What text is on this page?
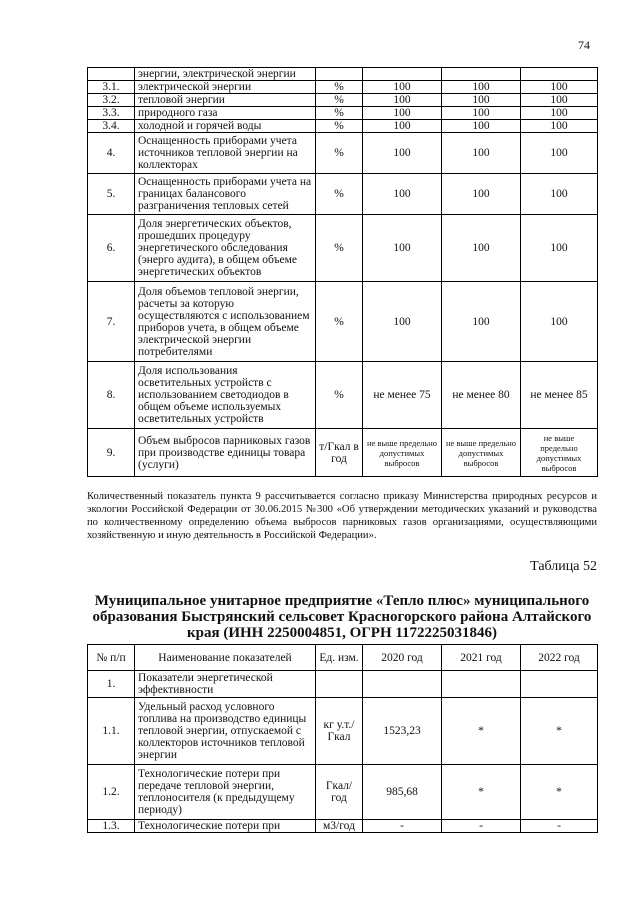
74
	энергии, электрической энергии				
3.1.	электрической энергии	%	100	100	100
3.2.	тепловой энергии	%	100	100	100
3.3.	природного газа	%	100	100	100
3.4.	холодной и горячей воды	%	100	100	100
4.	Оснащенность приборами учета источников тепловой энергии на коллекторах	%	100	100	100
5.	Оснащенность приборами учета на границах балансового разграничения тепловых сетей	%	100	100	100
6.	Доля энергетических объектов, прошедших процедуру энергетического обследования (энерго аудита), в общем объеме энергетических объектов	%	100	100	100
7.	Доля объемов тепловой энергии, расчеты за которую осуществляются с использованием приборов учета, в общем объеме электрической энергии потребителями	%	100	100	100
8.	Доля использования осветительных устройств с использованием светодиодов в общем объеме используемых осветительных устройств	%	не менее 75	не менее 80	не менее 85
9.	Объем выбросов парниковых газов при производстве единицы товара (услуги)	т/Гкал в год	не выше предельно допустимых выбросов	не выше предельно допустимых выбросов	не выше предельно допустимых выбросов
Количественный показатель пункта 9 рассчитывается согласно приказу Министерства природных ресурсов и экологии Российской Федерации от 30.06.2015 №300 «Об утверждении методических указаний и руководства по количественному определению объема выбросов парниковых газов организациями, осуществляющими хозяйственную и иную деятельность в Российской Федерации».
Таблица 52
Муниципальное унитарное предприятие «Тепло плюс» муниципального образования Быстрянский сельсовет Красногорского района Алтайского края (ИНН 2250004851, ОГРН 1172225031846)
№ п/п	Наименование показателей	Ед. изм.	2020 год	2021 год	2022 год
1.	Показатели энергетической эффективности				
1.1.	Удельный расход условного топлива на производство единицы тепловой энергии, отпускаемой с коллекторов источников тепловой энергии	кг у.т./Гкал	1523,23	*	*
1.2.	Технологические потери при передаче тепловой энергии, теплоносителя (к предыдущему периоду)	Гкал/год	985,68	*	*
1.3.	Технологические потери при	м3/год	-	-	-
